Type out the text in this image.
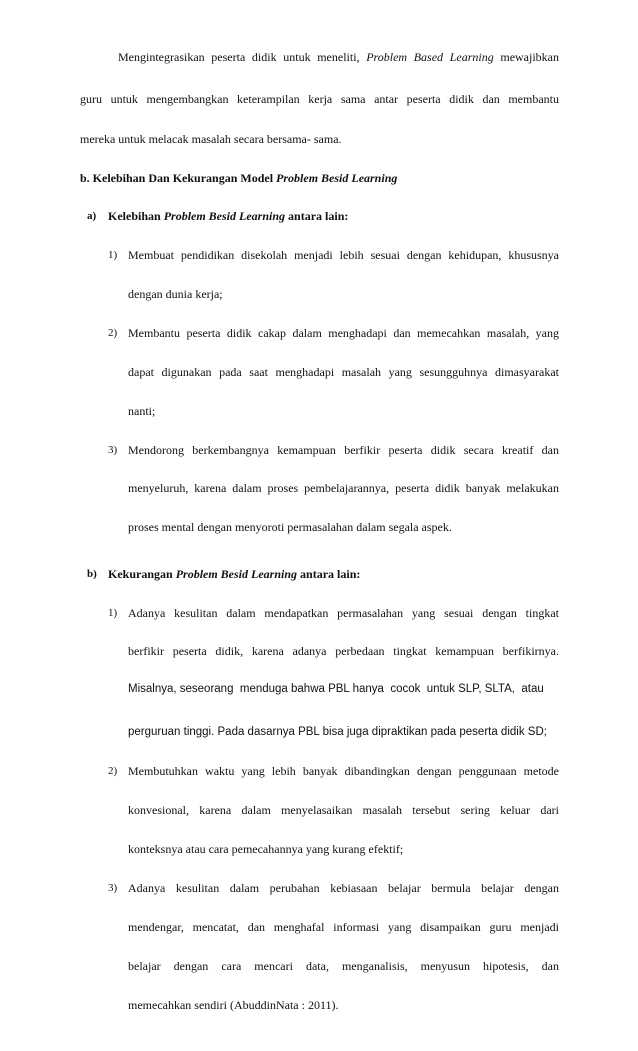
Mengintegrasikan peserta didik untuk meneliti, Problem Based Learning mewajibkan
guru untuk mengembangkan keterampilan kerja sama antar peserta didik dan membantu
mereka untuk melacak masalah secara bersama- sama.
b. Kelebihan Dan Kekurangan Model Problem Besid Learning
a) Kelebihan Problem Besid Learning antara lain:
1) Membuat pendidikan disekolah menjadi lebih sesuai dengan kehidupan, khususnya
dengan dunia kerja;
2) Membantu peserta didik cakap dalam menghadapi dan memecahkan masalah, yang
dapat digunakan pada saat menghadapi masalah yang sesungguhnya dimasyarakat
nanti;
3) Mendorong berkembangnya kemampuan berfikir peserta didik secara kreatif dan
menyeluruh, karena dalam proses pembelajarannya, peserta didik banyak melakukan
proses mental dengan menyoroti permasalahan dalam segala aspek.
b) Kekurangan Problem Besid Learning antara lain:
1) Adanya kesulitan dalam mendapatkan permasalahan yang sesuai dengan tingkat
berfikir peserta didik, karena adanya perbedaan tingkat kemampuan berfikirnya.
Misalnya, seseorang  menduga bahwa PBL hanya  cocok  untuk SLP, SLTA,  atau
perguruan tinggi. Pada dasarnya PBL bisa juga dipraktikan pada peserta didik SD;
2) Membutuhkan waktu yang lebih banyak dibandingkan dengan penggunaan metode
konvesional, karena dalam menyelasaikan masalah tersebut sering keluar dari
konteksnya atau cara pemecahannya yang kurang efektif;
3) Adanya kesulitan dalam perubahan kebiasaan belajar bermula belajar dengan
mendengar, mencatat, dan menghafal informasi yang disampaikan guru menjadi
belajar dengan cara mencari data, menganalisis, menyusun hipotesis, dan
memecahkan sendiri (AbuddinNata : 2011).
